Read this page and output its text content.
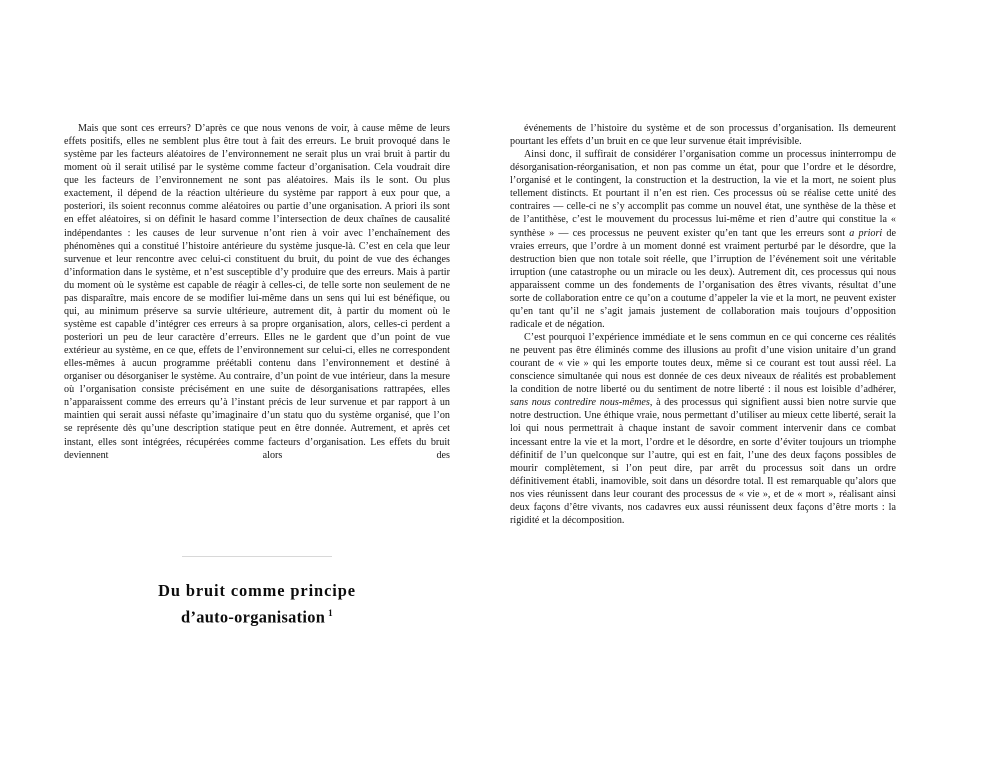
Mais que sont ces erreurs? D’après ce que nous venons de voir, à cause même de leurs effets positifs, elles ne semblent plus être tout à fait des erreurs. Le bruit provoqué dans le système par les facteurs aléatoires de l’environnement ne serait plus un vrai bruit à partir du moment où il serait utilisé par le système comme facteur d’organisation. Cela voudrait dire que les facteurs de l’environnement ne sont pas aléatoires. Mais ils le sont. Ou plus exactement, il dépend de la réaction ultérieure du système par rapport à eux pour que, a posteriori, ils soient reconnus comme aléatoires ou partie d’une organisation. A priori ils sont en effet aléatoires, si on définit le hasard comme l’intersection de deux chaînes de causalité indépendantes : les causes de leur survenue n’ont rien à voir avec l’enchaînement des phénomènes qui a constitué l’histoire antérieure du système jusque-là. C’est en cela que leur survenue et leur rencontre avec celui-ci constituent du bruit, du point de vue des échanges d’information dans le système, et n’est susceptible d’y produire que des erreurs. Mais à partir du moment où le système est capable de réagir à celles-ci, de telle sorte non seulement de ne pas disparaître, mais encore de se modifier lui-même dans un sens qui lui est bénéfique, ou qui, au minimum préserve sa survie ultérieure, autrement dit, à partir du moment où le système est capable d’intégrer ces erreurs à sa propre organisation, alors, celles-ci perdent a posteriori un peu de leur caractère d’erreurs. Elles ne le gardent que d’un point de vue extérieur au système, en ce que, effets de l’environnement sur celui-ci, elles ne correspondent elles-mêmes à aucun programme préétabli contenu dans l’environnement et destiné à organiser ou désorganiser le système. Au contraire, d’un point de vue intérieur, dans la mesure où l’organisation consiste précisément en une suite de désorganisations rattrapées, elles n’apparaissent comme des erreurs qu’à l’instant précis de leur survenue et par rapport à un maintien qui serait aussi néfaste qu’imaginaire d’un statu quo du système organisé, que l’on se représente dès qu’une description statique peut en être donnée. Autrement, et après cet instant, elles sont intégrées, récupérées comme facteurs d’organisation. Les effets du bruit deviennent alors des

événements de l’histoire du système et de son processus d’organisation. Ils demeurent pourtant les effets d’un bruit en ce que leur survenue était imprévisible.

Ainsi donc, il suffirait de considérer l’organisation comme un processus ininterrompu de désorganisation-réorganisation, et non pas comme un état, pour que l’ordre et le désordre, l’organisé et le contingent, la construction et la destruction, la vie et la mort, ne soient plus tellement distincts. Et pourtant il n’en est rien. Ces processus où se réalise cette unité des contraires — celle-ci ne s’y accomplit pas comme un nouvel état, une synthèse de la thèse et de l’antithèse, c’est le mouvement du processus lui-même et rien d’autre qui constitue la « synthèse » — ces processus ne peuvent exister qu’en tant que les erreurs sont a priori de vraies erreurs, que l’ordre à un moment donné est vraiment perturbé par le désordre, que la destruction bien que non totale soit réelle, que l’irruption de l’événement soit une véritable irruption (une catastrophe ou un miracle ou les deux). Autrement dit, ces processus qui nous apparaissent comme un des fondements de l’organisation des êtres vivants, résultat d’une sorte de collaboration entre ce qu’on a coutume d’appeler la vie et la mort, ne peuvent exister qu’en tant qu’il ne s’agit jamais justement de collaboration mais toujours d’opposition radicale et de négation.

C’est pourquoi l’expérience immédiate et le sens commun en ce qui concerne ces réalités ne peuvent pas être éliminés comme des illusions au profit d’une vision unitaire d’un grand courant de « vie » qui les emporte toutes deux, même si ce courant est tout aussi réel. La conscience simultanée qui nous est donnée de ces deux niveaux de réalités est probablement la condition de notre liberté ou du sentiment de notre liberté : il nous est loisible d’adhérer, sans nous contredire nous-mêmes, à des processus qui signifient aussi bien notre survie que notre destruction. Une éthique vraie, nous permettant d’utiliser au mieux cette liberté, serait la loi qui nous permettrait à chaque instant de savoir comment intervenir dans ce combat incessant entre la vie et la mort, l’ordre et le désordre, en sorte d’éviter toujours un triomphe définitif de l’un quelconque sur l’autre, qui est en fait, l’une des deux façons possibles de mourir complètement, si l’on peut dire, par arrêt du processus soit dans un ordre définitivement établi, inamovible, soit dans un désordre total. Il est remarquable qu’alors que nos vies réunissent dans leur courant des processus de « vie », et de « mort », réalisant ainsi deux façons d’être vivants, nos cadavres eux aussi réunissent deux façons d’être morts : la rigidité et la décomposition.

Du bruit comme principe
d’auto-organisation $^1$
